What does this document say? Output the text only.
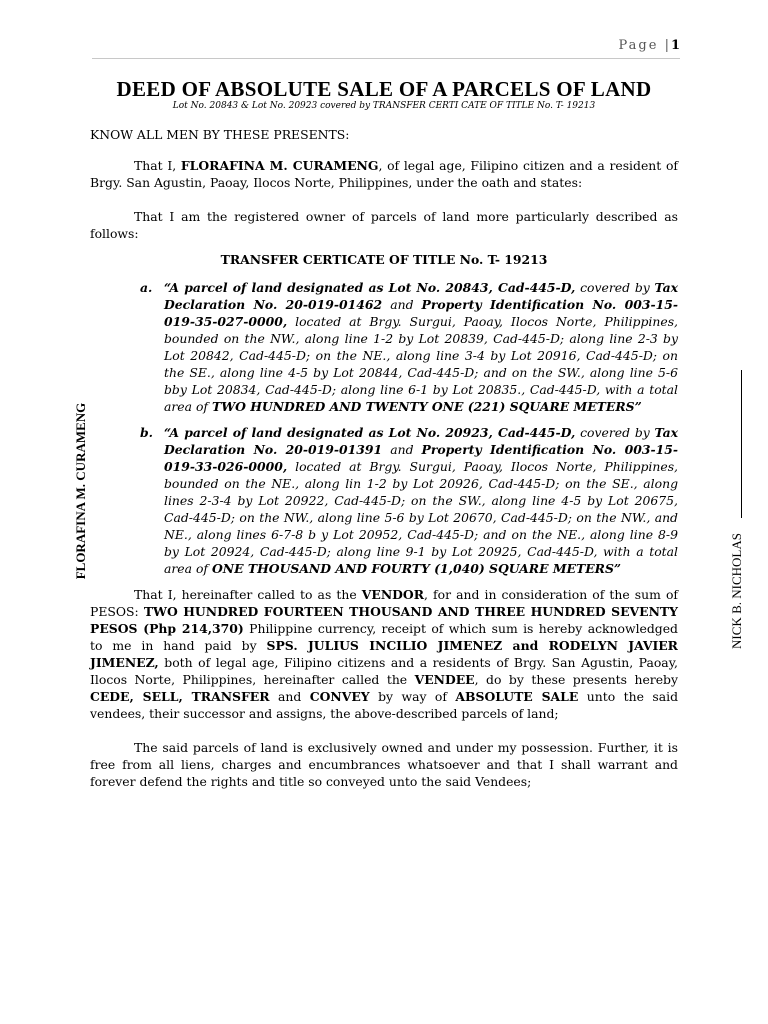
Page |1
DEED OF ABSOLUTE SALE OF A PARCELS OF LAND
Lot No. 20843 & Lot No. 20923 covered by TRANSFER CERTI CATE OF TITLE No. T- 19213

KNOW ALL MEN BY THESE PRESENTS:

That I, FLORAFINA M. CURAMENG, of legal age, Filipino citizen and a resident of Brgy. San Agustin, Paoay, Ilocos Norte, Philippines, under the oath and states:

That I am the registered owner of parcels of land more particularly described as follows:

TRANSFER CERTICATE OF TITLE No. T- 19213

a. “A parcel of land designated as Lot No. 20843, Cad-445-D, covered by Tax Declaration No. 20-019-01462 and Property Identification No. 003-15-019-35-027-0000, located at Brgy. Surgui, Paoay, Ilocos Norte, Philippines, bounded on the NW., along line 1-2 by Lot 20839, Cad-445-D; along line 2-3 by Lot 20842, Cad-445-D; on the NE., along line 3-4 by Lot 20916, Cad-445-D; on the SE., along line 4-5 by Lot 20844, Cad-445-D; and on the SW., along line 5-6 bby Lot 20834, Cad-445-D; along line 6-1 by Lot 20835., Cad-445-D, with a total area of TWO HUNDRED AND TWENTY ONE (221) SQUARE METERS”
b. “A parcel of land designated as Lot No. 20923, Cad-445-D, covered by Tax Declaration No. 20-019-01391 and Property Identification No. 003-15-019-33-026-0000, located at Brgy. Surgui, Paoay, Ilocos Norte, Philippines, bounded on the NE., along lin 1-2 by Lot 20926, Cad-445-D; on the SE., along lines 2-3-4 by Lot 20922, Cad-445-D; on the SW., along line 4-5 by Lot 20675, Cad-445-D; on the NW., along line 5-6 by Lot 20670, Cad-445-D; on the NW., and NE., along lines 6-7-8 b y Lot 20952, Cad-445-D; and on the NE., along line 8-9 by Lot 20924, Cad-445-D; along line 9-1 by Lot 20925, Cad-445-D, with a total area of ONE THOUSAND AND FOURTY (1,040) SQUARE METERS”

That I, hereinafter called to as the VENDOR, for and in consideration of the sum of PESOS: TWO HUNDRED FOURTEEN THOUSAND AND THREE HUNDRED SEVENTY PESOS (Php 214,370) Philippine currency, receipt of which sum is hereby acknowledged to me in hand paid by SPS. JULIUS INCILIO JIMENEZ and RODELYN JAVIER JIMENEZ, both of legal age, Filipino citizens and a residents of Brgy. San Agustin, Paoay, Ilocos Norte, Philippines, hereinafter called the VENDEE, do by these presents hereby CEDE, SELL, TRANSFER and CONVEY by way of ABSOLUTE SALE unto the said vendees, their successor and assigns, the above-described parcels of land;

The said parcels of land is exclusively owned and under my possession. Further, it is free from all liens, charges and encumbrances whatsoever and that I shall warrant and forever defend the rights and title so conveyed unto the said Vendees;

FLORAFINA M. CURAMENG
NICK B. NICHOLAS
